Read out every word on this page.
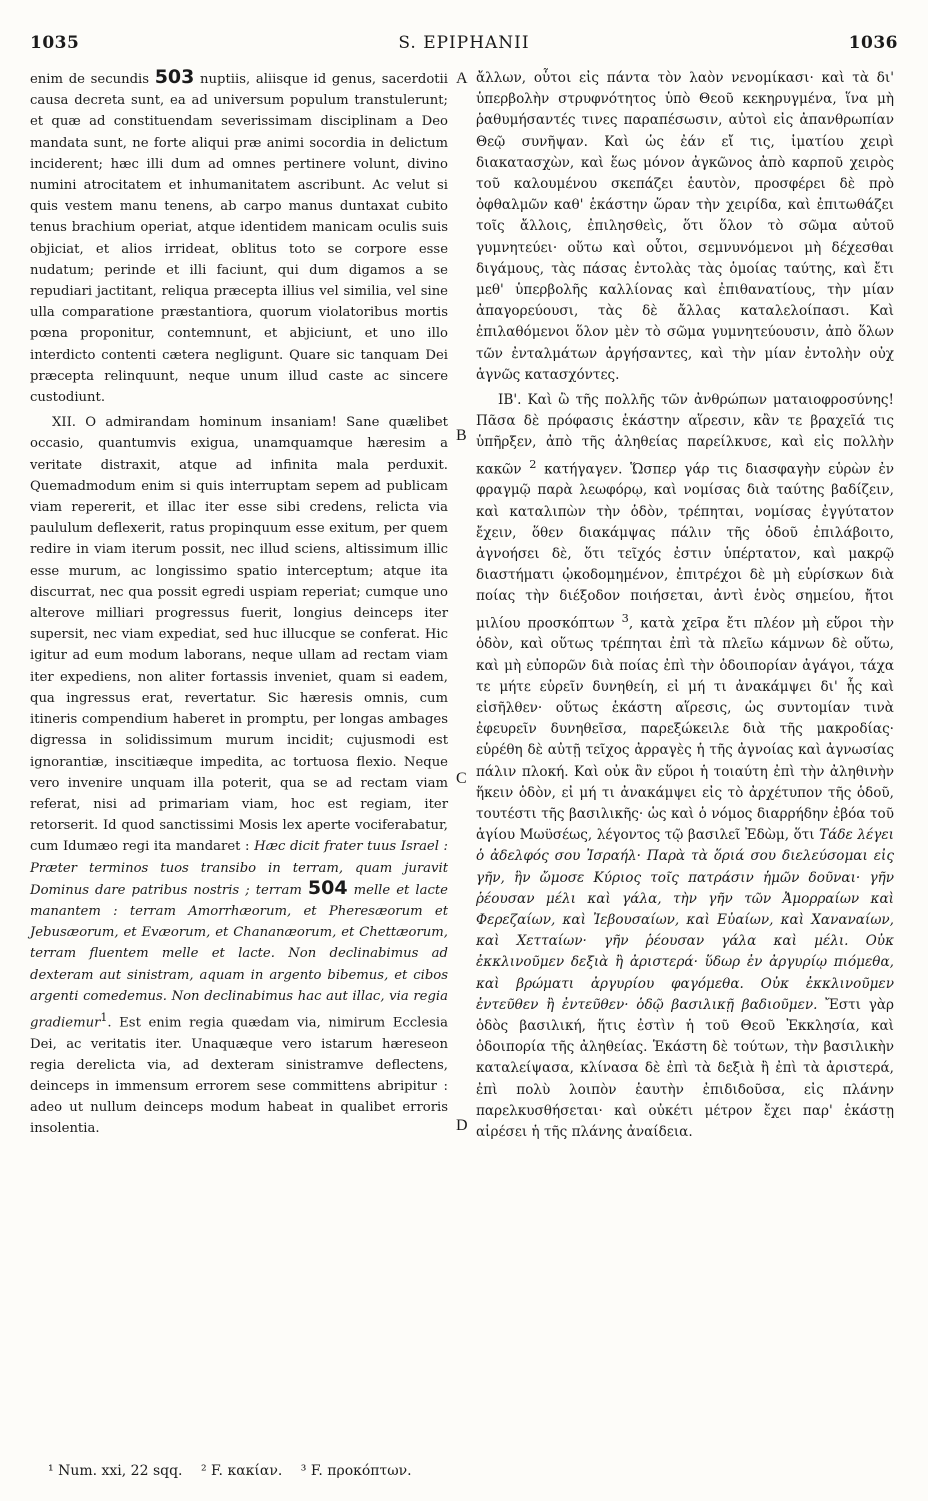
1035	S. EPIPHANII	1036
A
B
C
D

enim de secundis 503 nuptiis, aliisque id genus, sacerdotii causa decreta sunt, ea ad universum populum transtulerunt; et quæ ad constituendam severissimam disciplinam a Deo mandata sunt, ne forte aliqui præ animi socordia in delictum inciderent; hæc illi dum ad omnes pertinere volunt, divino numini atrocitatem et inhumanitatem ascribunt. Ac velut si quis vestem manu tenens, ab carpo manus duntaxat cubito tenus brachium operiat, atque identidem manicam oculis suis objiciat, et alios irrideat, oblitus toto se corpore esse nudatum; perinde et illi faciunt, qui dum digamos a se repudiari jactitant, reliqua præcepta illius vel similia, vel sine ulla comparatione præstantiora, quorum violatoribus mortis pœna proponitur, contemnunt, et abjiciunt, et uno illo interdicto contenti cætera negligunt. Quare sic tanquam Dei præcepta relinquunt, neque unum illud caste ac sincere custodiunt.

XII. O admirandam hominum insaniam! Sane quælibet occasio, quantumvis exigua, unamquamque hæresim a veritate distraxit, atque ad infinita mala perduxit. Quemadmodum enim si quis interruptam sepem ad publicam viam repererit, et illac iter esse sibi credens, relicta via paululum deflexerit, ratus propinquum esse exitum, per quem redire in viam iterum possit, nec illud sciens, altissimum illic esse murum, ac longissimo spatio interceptum; atque ita discurrat, nec qua possit egredi uspiam reperiat; cumque uno alterove milliari progressus fuerit, longius deinceps iter supersit, nec viam expediat, sed huc illucque se conferat. Hic igitur ad eum modum laborans, neque ullam ad rectam viam iter expediens, non aliter fortassis inveniet, quam si eadem, qua ingressus erat, revertatur. Sic hæresis omnis, cum itineris compendium haberet in promptu, per longas ambages digressa in solidissimum murum incidit; cujusmodi est ignorantiæ, inscitiæque impedita, ac tortuosa flexio. Neque vero invenire unquam illa poterit, qua se ad rectam viam referat, nisi ad primariam viam, hoc est regiam, iter retorserit. Id quod sanctissimi Mosis lex aperte vociferabatur, cum Idumæo regi ita mandaret : Hæc dicit frater tuus Israel : Præter terminos tuos transibo in terram, quam juravit Dominus dare patribus nostris ; terram 504 melle et lacte manantem : terram Amorrhæorum, et Pheresæorum et Jebusæorum, et Evæorum, et Chananæorum, et Chettæorum, terram fluentem melle et lacte. Non declinabimus ad dexteram aut sinistram, aquam in argento bibemus, et cibos argenti comedemus. Non declinabimus hac aut illac, via regia gradiemur$^1$. Est enim regia quædam via, nimirum Ecclesia Dei, ac veritatis iter. Unaquæque vero istarum hæreseon regia derelicta via, ad dexteram sinistramve deflectens, deinceps in immensum errorem sese committens abripitur : adeo ut nullum deinceps modum habeat in qualibet erroris insolentia.

ἄλλων, οὗτοι εἰς πάντα τὸν λαὸν νενομίκασι· καὶ τὰ δι' ὑπερβολὴν στρυφνότητος ὑπὸ Θεοῦ κεκηρυγμένα, ἵνα μὴ ῥαθυμήσαντές τινες παραπέσωσιν, αὐτοὶ εἰς ἀπανθρωπίαν Θεῷ συνῆψαν. Καὶ ὡς ἐάν εἴ τις, ἱματίου χειρὶ διακατασχὼν, καὶ ἕως μόνον ἀγκῶνος ἀπὸ καρποῦ χειρὸς τοῦ καλουμένου σκεπάζει ἑαυτὸν, προσφέρει δὲ πρὸ ὀφθαλμῶν καθ' ἑκάστην ὥραν τὴν χειρίδα, καὶ ἐπιτωθάζει τοῖς ἄλλοις, ἐπιλησθεὶς, ὅτι ὅλον τὸ σῶμα αὐτοῦ γυμνητεύει· οὕτω καὶ οὗτοι, σεμνυνόμενοι μὴ δέχεσθαι διγάμους, τὰς πάσας ἐντολὰς τὰς ὁμοίας ταύτης, καὶ ἔτι μεθ' ὑπερβολῆς καλλίονας καὶ ἐπιθανατίους, τὴν μίαν ἀπαγορεύουσι, τὰς δὲ ἄλλας καταλελοίπασι. Καὶ ἐπιλαθόμενοι ὅλον μὲν τὸ σῶμα γυμνητεύουσιν, ἀπὸ ὅλων τῶν ἐνταλμάτων ἀργήσαντες, καὶ τὴν μίαν ἐντολὴν οὐχ ἁγνῶς κατασχόντες.

ΙΒ'. Καὶ ὢ τῆς πολλῆς τῶν ἀνθρώπων ματαιοφροσύνης! Πᾶσα δὲ πρόφασις ἑκάστην αἵρεσιν, κἂν τε βραχεῖά τις ὑπῆρξεν, ἀπὸ τῆς ἀληθείας παρείλκυσε, καὶ εἰς πολλὴν κακῶν $^2$ κατήγαγεν. Ὥσπερ γάρ τις διασφαγὴν εὑρὼν ἐν φραγμῷ παρὰ λεωφόρῳ, καὶ νομίσας διὰ ταύτης βαδίζειν, καὶ καταλιπὼν τὴν ὁδὸν, τρέπηται, νομίσας ἐγγύτατον ἔχειν, ὅθεν διακάμψας πάλιν τῆς ὁδοῦ ἐπιλάβοιτο, ἀγνοήσει δὲ, ὅτι τεῖχός ἐστιν ὑπέρτατον, καὶ μακρῷ διαστήματι ᾠκοδομημένον, ἐπιτρέχοι δὲ μὴ εὑρίσκων διὰ ποίας τὴν διέξοδον ποιήσεται, ἀντὶ ἑνὸς σημείου, ἤτοι μιλίου προσκόπτων $^3$, κατὰ χεῖρα ἔτι πλέον μὴ εὕροι τὴν ὁδὸν, καὶ οὕτως τρέπηται ἐπὶ τὰ πλεῖω κάμνων δὲ οὕτω, καὶ μὴ εὐπορῶν διὰ ποίας ἐπὶ τὴν ὁδοιπορίαν ἀγάγοι, τάχα τε μήτε εὑρεῖν δυνηθείη, εἰ μή τι ἀνακάμψει δι' ἧς καὶ εἰσῆλθεν· οὕτως ἑκάστη αἵρεσις, ὡς συντομίαν τινὰ ἐφευρεῖν δυνηθεῖσα, παρεξώκειλε διὰ τῆς μακροδίας· εὑρέθη δὲ αὐτῇ τεῖχος ἀρραγὲς ἡ τῆς ἀγνοίας καὶ ἀγνωσίας πάλιν πλοκή. Καὶ οὐκ ἂν εὕροι ἡ τοιαύτη ἐπὶ τὴν ἀληθινὴν ἥκειν ὁδὸν, εἰ μή τι ἀνακάμψει εἰς τὸ ἀρχέτυπον τῆς ὁδοῦ, τουτέστι τῆς βασιλικῆς· ὡς καὶ ὁ νόμος διαρρήδην ἐβόα τοῦ ἁγίου Μωϋσέως, λέγοντος τῷ βασιλεῖ Ἐδὼμ, ὅτι Τάδε λέγει ὁ ἀδελφός σου Ἰσραήλ· Παρὰ τὰ ὅριά σου διελεύσομαι εἰς γῆν, ἣν ὤμοσε Κύριος τοῖς πατράσιν ἡμῶν δοῦναι· γῆν ῥέουσαν μέλι καὶ γάλα, τὴν γῆν τῶν Ἀμορραίων καὶ Φερεζαίων, καὶ Ἰεβουσαίων, καὶ Εὐαίων, καὶ Χαναναίων, καὶ Χετταίων· γῆν ῥέουσαν γάλα καὶ μέλι. Οὐκ ἐκκλινοῦμεν δεξιὰ ἢ ἀριστερά· ὕδωρ ἐν ἀργυρίῳ πιόμεθα, καὶ βρώματι ἀργυρίου φαγόμεθα. Οὐκ ἐκκλινοῦμεν ἐντεῦθεν ἢ ἐντεῦθεν· ὁδῷ βασιλικῇ βαδιοῦμεν. Ἔστι γὰρ ὁδὸς βασιλική, ἥτις ἐστὶν ἡ τοῦ Θεοῦ Ἐκκλησία, καὶ ὁδοιπορία τῆς ἀληθείας. Ἑκάστη δὲ τούτων, τὴν βασιλικὴν καταλείψασα, κλίνασα δὲ ἐπὶ τὰ δεξιὰ ἢ ἐπὶ τὰ ἀριστερά, ἐπὶ πολὺ λοιπὸν ἑαυτὴν ἐπιδιδοῦσα, εἰς πλάνην παρελκυσθήσεται· καὶ οὐκέτι μέτρον ἔχει παρ' ἑκάστῃ αἱρέσει ἡ τῆς πλάνης ἀναίδεια.

¹ Num. xxi, 22 sqq. ² F. κακίαν. ³ F. προκόπτων.
